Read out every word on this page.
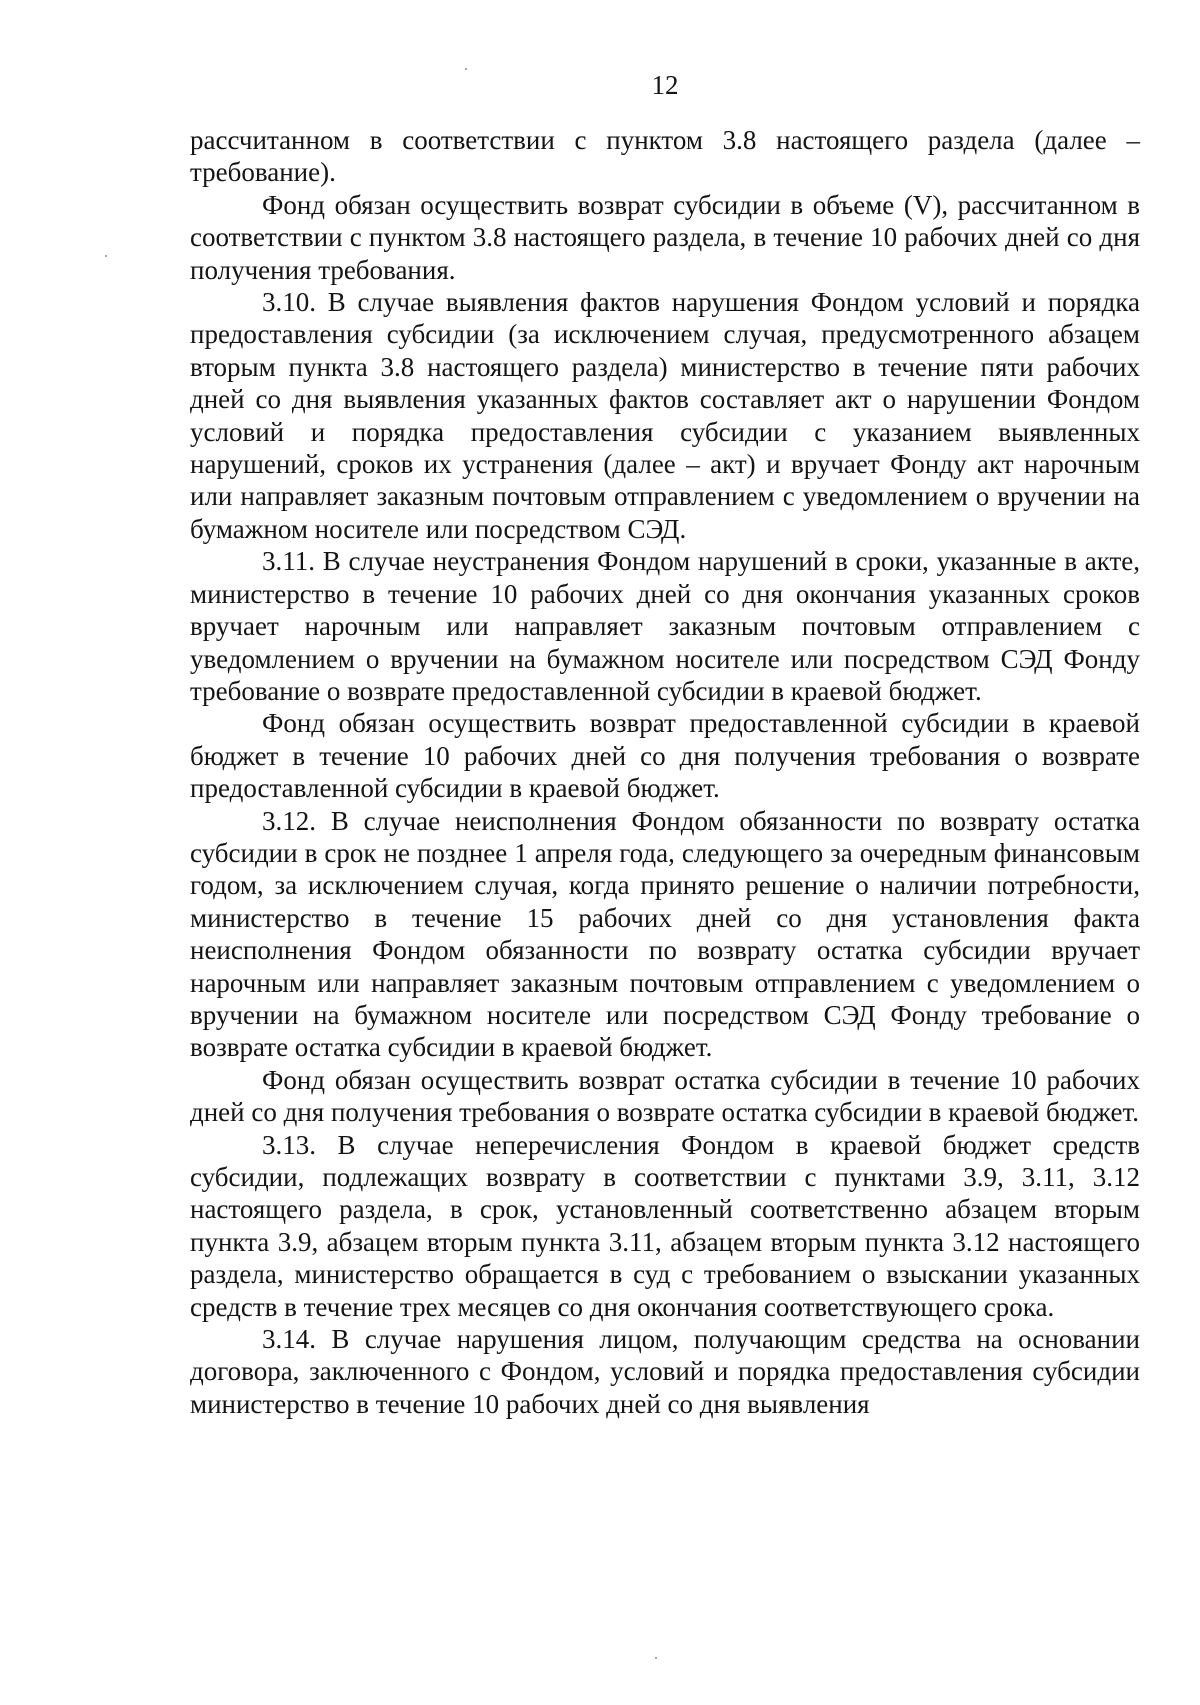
12

рассчитанном в соответствии с пунктом 3.8 настоящего раздела (далее – требование).

Фонд обязан осуществить возврат субсидии в объеме (V), рассчитанном в соответствии с пунктом 3.8 настоящего раздела, в течение 10 рабочих дней со дня получения требования.

3.10. В случае выявления фактов нарушения Фондом условий и порядка предоставления субсидии (за исключением случая, предусмотренного абзацем вторым пункта 3.8 настоящего раздела) министерство в течение пяти рабочих дней со дня выявления указанных фактов составляет акт о нарушении Фондом условий и порядка предоставления субсидии с указанием выявленных нарушений, сроков их устранения (далее – акт) и вручает Фонду акт нарочным или направляет заказным почтовым отправлением с уведомлением о вручении на бумажном носителе или посредством СЭД.

3.11. В случае неустранения Фондом нарушений в сроки, указанные в акте, министерство в течение 10 рабочих дней со дня окончания указанных сроков вручает нарочным или направляет заказным почтовым отправлением с уведомлением о вручении на бумажном носителе или посредством СЭД Фонду требование о возврате предоставленной субсидии в краевой бюджет.

Фонд обязан осуществить возврат предоставленной субсидии в краевой бюджет в течение 10 рабочих дней со дня получения требования о возврате предоставленной субсидии в краевой бюджет.

3.12. В случае неисполнения Фондом обязанности по возврату остатка субсидии в срок не позднее 1 апреля года, следующего за очередным финансовым годом, за исключением случая, когда принято решение о наличии потребности, министерство в течение 15 рабочих дней со дня установления факта неисполнения Фондом обязанности по возврату остатка субсидии вручает нарочным или направляет заказным почтовым отправлением с уведомлением о вручении на бумажном носителе или посредством СЭД Фонду требование о возврате остатка субсидии в краевой бюджет.

Фонд обязан осуществить возврат остатка субсидии в течение 10 рабочих дней со дня получения требования о возврате остатка субсидии в краевой бюджет.

3.13. В случае неперечисления Фондом в краевой бюджет средств субсидии, подлежащих возврату в соответствии с пунктами 3.9, 3.11, 3.12 настоящего раздела, в срок, установленный соответственно абзацем вторым пункта 3.9, абзацем вторым пункта 3.11, абзацем вторым пункта 3.12 настоящего раздела, министерство обращается в суд с требованием о взыскании указанных средств в течение трех месяцев со дня окончания соответствующего срока.

3.14. В случае нарушения лицом, получающим средства на основании договора, заключенного с Фондом, условий и порядка предоставления субсидии министерство в течение 10 рабочих дней со дня выявления
